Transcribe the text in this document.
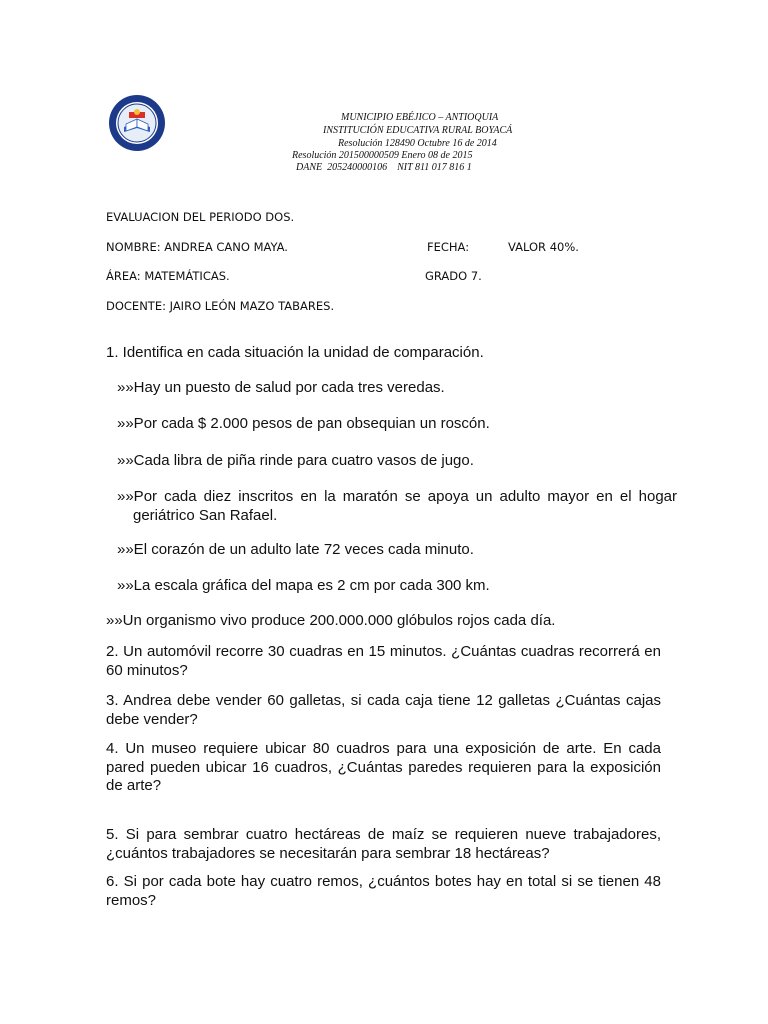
MUNICIPIO EBÉJICO – ANTIOQUIA
INSTITUCIÓN EDUCATIVA RURAL BOYACÁ
Resolución 128490 Octubre 16 de 2014
Resolución 201500000509 Enero 08 de 2015
DANE  205240000106    NIT 811 017 816 1
EVALUACION DEL PERIODO DOS.
NOMBRE: ANDREA CANO MAYA.	FECHA:	VALOR 40%.
ÁREA: MATEMÁTICAS.	GRADO 7.
DOCENTE: JAIRO LEÓN MAZO TABARES.
1. Identifica en cada situación la unidad de comparación.
»»Hay un puesto de salud por cada tres veredas.
»»Por cada $ 2.000 pesos de pan obsequian un roscón.
»»Cada libra de piña rinde para cuatro vasos de jugo.
»»Por cada diez inscritos en la maratón se apoya un adulto mayor en el hogar geriátrico San Rafael.
»»El corazón de un adulto late 72 veces cada minuto.
»»La escala gráfica del mapa es 2 cm por cada 300 km.
»»Un organismo vivo produce 200.000.000 glóbulos rojos cada día.
2. Un automóvil recorre 30 cuadras en 15 minutos. ¿Cuántas cuadras recorrerá en 60 minutos?
3. Andrea debe vender 60 galletas, si cada caja tiene 12 galletas ¿Cuántas cajas debe vender?
4. Un museo requiere ubicar 80 cuadros para una exposición de arte. En cada pared pueden ubicar 16 cuadros, ¿Cuántas paredes requieren para la exposición de arte?
5. Si para sembrar cuatro hectáreas de maíz se requieren nueve trabajadores, ¿cuántos trabajadores se necesitarán para sembrar 18 hectáreas?
6. Si por cada bote hay cuatro remos, ¿cuántos botes hay en total si se tienen 48 remos?
